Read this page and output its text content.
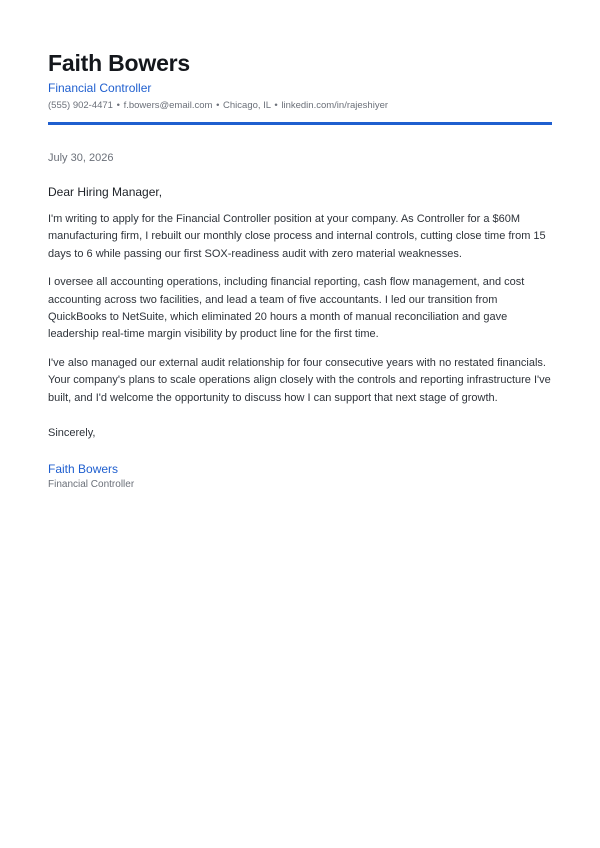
Faith Bowers
Financial Controller
(555) 902-4471 • f.bowers@email.com • Chicago, IL • linkedin.com/in/rajeshiyer
July 30, 2026
Dear Hiring Manager,

I'm writing to apply for the Financial Controller position at your company. As Controller for a $60M manufacturing firm, I rebuilt our monthly close process and internal controls, cutting close time from 15 days to 6 while passing our first SOX-readiness audit with zero material weaknesses.

I oversee all accounting operations, including financial reporting, cash flow management, and cost accounting across two facilities, and lead a team of five accountants. I led our transition from QuickBooks to NetSuite, which eliminated 20 hours a month of manual reconciliation and gave leadership real-time margin visibility by product line for the first time.

I've also managed our external audit relationship for four consecutive years with no restated financials. Your company's plans to scale operations align closely with the controls and reporting infrastructure I've built, and I'd welcome the opportunity to discuss how I can support that next stage of growth.

Sincerely,
Faith Bowers
Financial Controller
